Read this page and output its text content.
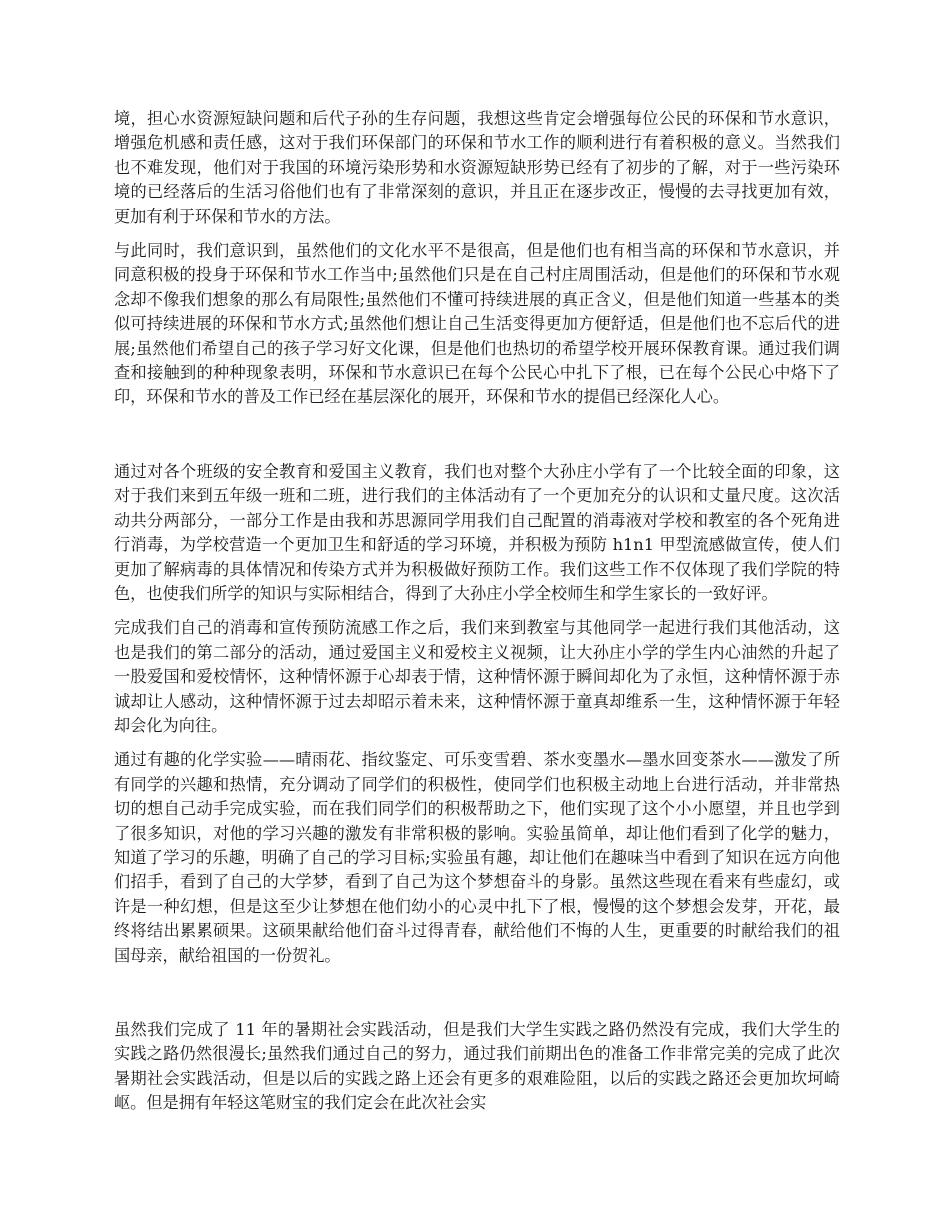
境，担心水资源短缺问题和后代子孙的生存问题，我想这些肯定会增强每位公民的环保和节水意识，增强危机感和责任感，这对于我们环保部门的环保和节水工作的顺利进行有着积极的意义。当然我们也不难发现，他们对于我国的环境污染形势和水资源短缺形势已经有了初步的了解，对于一些污染环境的已经落后的生活习俗他们也有了非常深刻的意识，并且正在逐步改正，慢慢的去寻找更加有效，更加有利于环保和节水的方法。

与此同时，我们意识到，虽然他们的文化水平不是很高，但是他们也有相当高的环保和节水意识，并同意积极的投身于环保和节水工作当中;虽然他们只是在自己村庄周围活动，但是他们的环保和节水观念却不像我们想象的那么有局限性;虽然他们不懂可持续进展的真正含义，但是他们知道一些基本的类似可持续进展的环保和节水方式;虽然他们想让自己生活变得更加方便舒适，但是他们也不忘后代的进展;虽然他们希望自己的孩子学习好文化课，但是他们也热切的希望学校开展环保教育课。通过我们调查和接触到的种种现象表明，环保和节水意识已在每个公民心中扎下了根，已在每个公民心中烙下了印，环保和节水的普及工作已经在基层深化的展开，环保和节水的提倡已经深化人心。

通过对各个班级的安全教育和爱国主义教育，我们也对整个大孙庄小学有了一个比较全面的印象，这对于我们来到五年级一班和二班，进行我们的主体活动有了一个更加充分的认识和丈量尺度。这次活动共分两部分，一部分工作是由我和苏思源同学用我们自己配置的消毒液对学校和教室的各个死角进行消毒，为学校营造一个更加卫生和舒适的学习环境，并积极为预防 h1n1 甲型流感做宣传，使人们更加了解病毒的具体情况和传染方式并为积极做好预防工作。我们这些工作不仅体现了我们学院的特色，也使我们所学的知识与实际相结合，得到了大孙庄小学全校师生和学生家长的一致好评。

完成我们自己的消毒和宣传预防流感工作之后，我们来到教室与其他同学一起进行我们其他活动，这也是我们的第二部分的活动，通过爱国主义和爱校主义视频，让大孙庄小学的学生内心油然的升起了一股爱国和爱校情怀，这种情怀源于心却表于情，这种情怀源于瞬间却化为了永恒，这种情怀源于赤诚却让人感动，这种情怀源于过去却昭示着未来，这种情怀源于童真却维系一生，这种情怀源于年轻却会化为向往。

通过有趣的化学实验——晴雨花、指纹鉴定、可乐变雪碧、茶水变墨水—墨水回变茶水——激发了所有同学的兴趣和热情，充分调动了同学们的积极性，使同学们也积极主动地上台进行活动，并非常热切的想自己动手完成实验，而在我们同学们的积极帮助之下，他们实现了这个小小愿望，并且也学到了很多知识，对他的学习兴趣的激发有非常积极的影响。实验虽简单，却让他们看到了化学的魅力，知道了学习的乐趣，明确了自己的学习目标;实验虽有趣，却让他们在趣味当中看到了知识在远方向他们招手，看到了自己的大学梦，看到了自己为这个梦想奋斗的身影。虽然这些现在看来有些虚幻，或许是一种幻想，但是这至少让梦想在他们幼小的心灵中扎下了根，慢慢的这个梦想会发芽，开花，最终将结出累累硕果。这硕果献给他们奋斗过得青春，献给他们不悔的人生，更重要的时献给我们的祖国母亲，献给祖国的一份贺礼。

虽然我们完成了 11 年的暑期社会实践活动，但是我们大学生实践之路仍然没有完成，我们大学生的实践之路仍然很漫长;虽然我们通过自己的努力，通过我们前期出色的准备工作非常完美的完成了此次暑期社会实践活动，但是以后的实践之路上还会有更多的艰难险阻，以后的实践之路还会更加坎坷崎岖。但是拥有年轻这笔财宝的我们定会在此次社会实
